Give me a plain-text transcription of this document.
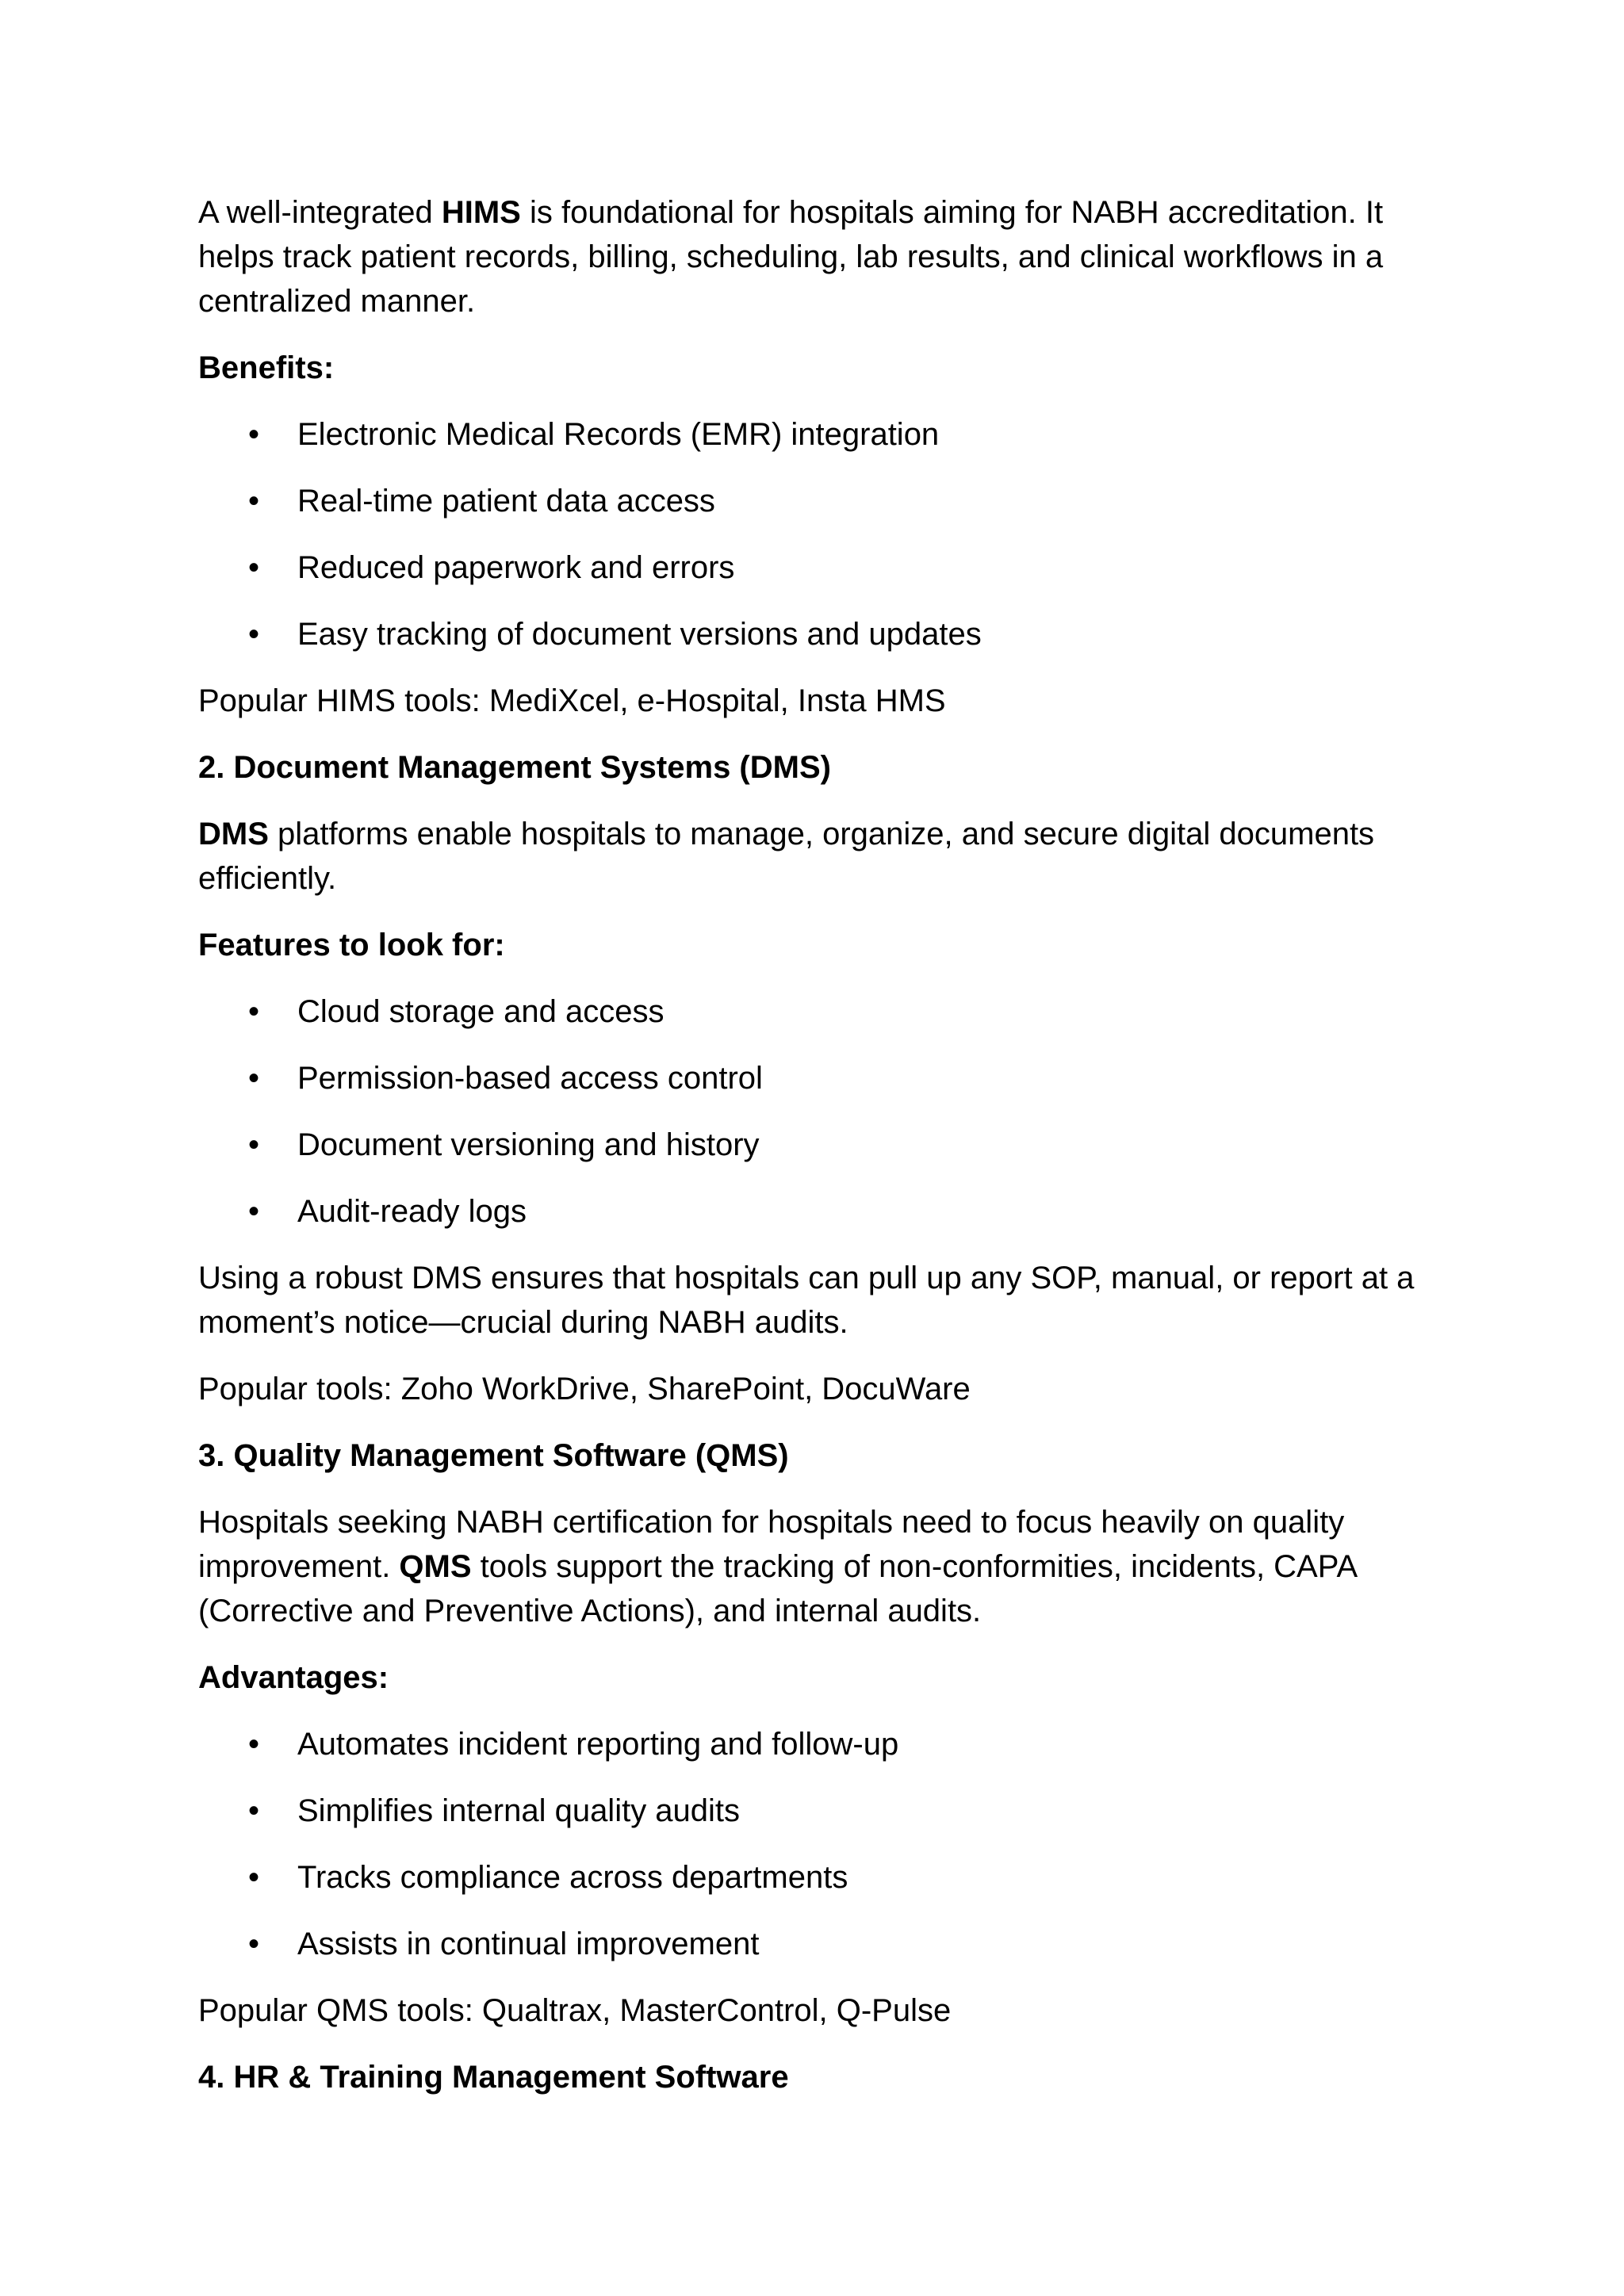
A well-integrated HIMS is foundational for hospitals aiming for NABH accreditation. It helps track patient records, billing, scheduling, lab results, and clinical workflows in a centralized manner.

Benefits:

• Electronic Medical Records (EMR) integration
• Real-time patient data access
• Reduced paperwork and errors
• Easy tracking of document versions and updates

Popular HIMS tools: MediXcel, e-Hospital, Insta HMS

2. Document Management Systems (DMS)

DMS platforms enable hospitals to manage, organize, and secure digital documents efficiently.

Features to look for:

• Cloud storage and access
• Permission-based access control
• Document versioning and history
• Audit-ready logs

Using a robust DMS ensures that hospitals can pull up any SOP, manual, or report at a moment’s notice—crucial during NABH audits.

Popular tools: Zoho WorkDrive, SharePoint, DocuWare

3. Quality Management Software (QMS)

Hospitals seeking NABH certification for hospitals need to focus heavily on quality improvement. QMS tools support the tracking of non-conformities, incidents, CAPA (Corrective and Preventive Actions), and internal audits.

Advantages:

• Automates incident reporting and follow-up
• Simplifies internal quality audits
• Tracks compliance across departments
• Assists in continual improvement

Popular QMS tools: Qualtrax, MasterControl, Q-Pulse

4. HR & Training Management Software
